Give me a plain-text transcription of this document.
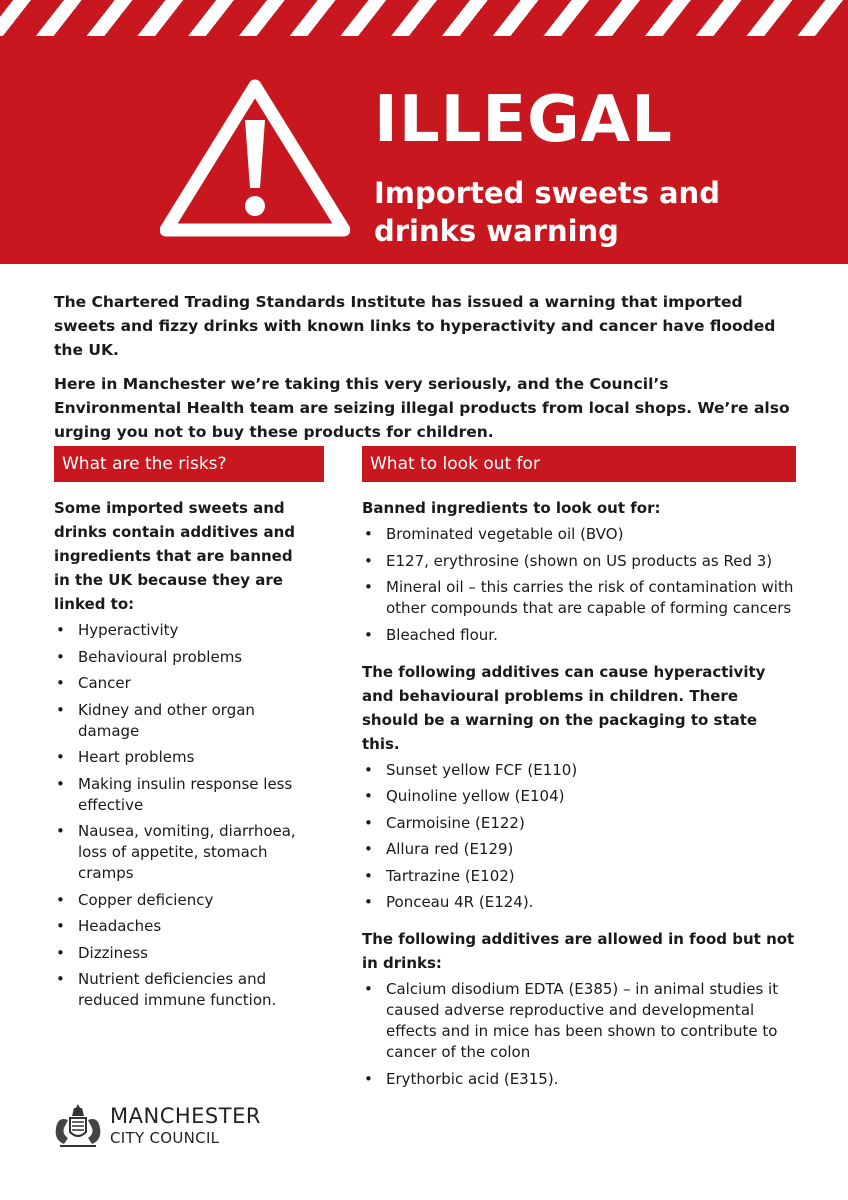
ILLEGAL
Imported sweets and drinks warning

The Chartered Trading Standards Institute has issued a warning that imported sweets and fizzy drinks with known links to hyperactivity and cancer have flooded the UK.

Here in Manchester we’re taking this very seriously, and the Council’s Environmental Health team are seizing illegal products from local shops. We’re also urging you not to buy these products for children.

What are the risks?

Some imported sweets and drinks contain additives and ingredients that are banned in the UK because they are linked to:

• Hyperactivity
• Behavioural problems
• Cancer
• Kidney and other organ damage
• Heart problems
• Making insulin response less effective
• Nausea, vomiting, diarrhoea, loss of appetite, stomach cramps
• Copper deficiency
• Headaches
• Dizziness
• Nutrient deficiencies and reduced immune function.
What to look out for

Banned ingredients to look out for:

• Brominated vegetable oil (BVO)
• E127, erythrosine (shown on US products as Red 3)
• Mineral oil – this carries the risk of contamination with other compounds that are capable of forming cancers
• Bleached flour.

The following additives can cause hyperactivity and behavioural problems in children. There should be a warning on the packaging to state this.

• Sunset yellow FCF (E110)
• Quinoline yellow (E104)
• Carmoisine (E122)
• Allura red (E129)
• Tartrazine (E102)
• Ponceau 4R (E124).

The following additives are allowed in food but not in drinks:

• Calcium disodium EDTA (E385) – in animal studies it caused adverse reproductive and developmental effects and in mice has been shown to contribute to cancer of the colon
• Erythorbic acid (E315).
MANCHESTER
CITY COUNCIL
